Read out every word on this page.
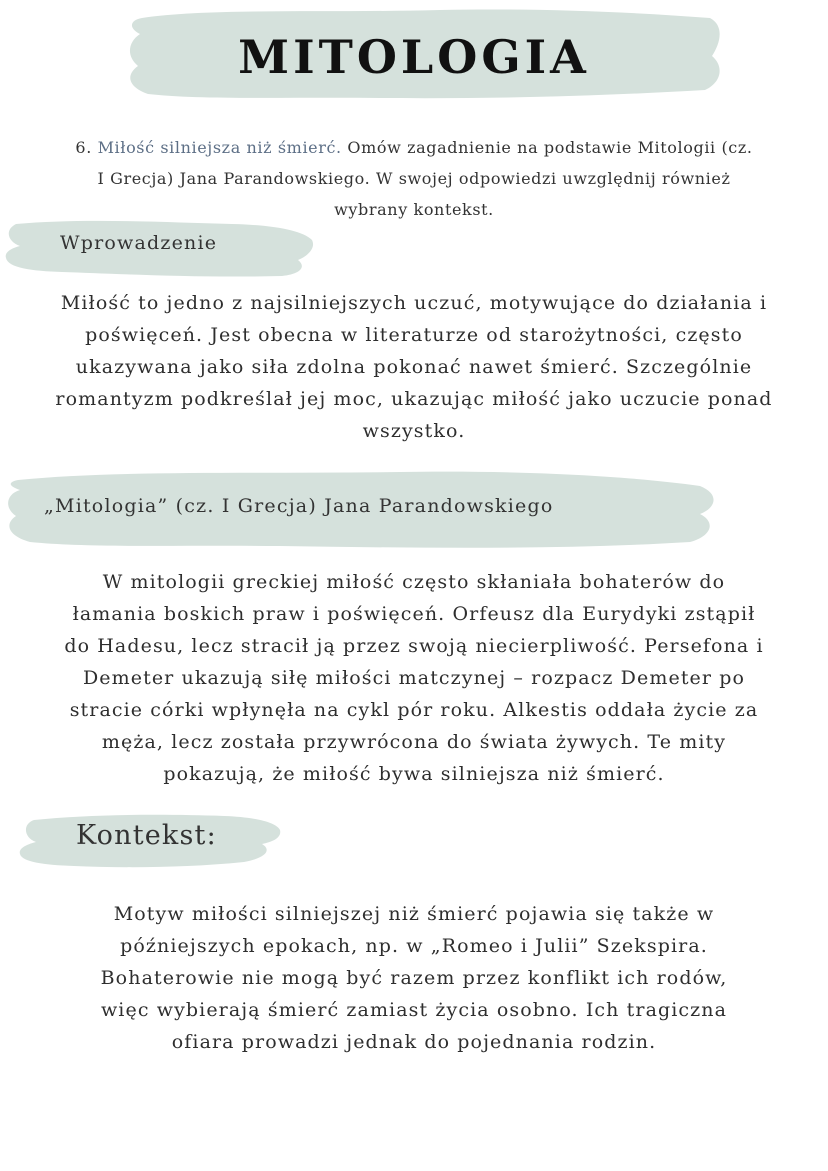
MITOLOGIA
6. Miłość silniejsza niż śmierć. Omów zagadnienie na podstawie Mitologii (cz.
I Grecja) Jana Parandowskiego. W swojej odpowiedzi uwzględnij również
wybrany kontekst.
Wprowadzenie
Miłość to jedno z najsilniejszych uczuć, motywujące do działania i
poświęceń. Jest obecna w literaturze od starożytności, często
ukazywana jako siła zdolna pokonać nawet śmierć. Szczególnie
romantyzm podkreślał jej moc, ukazując miłość jako uczucie ponad
wszystko.
„Mitologia” (cz. I Grecja) Jana Parandowskiego
W mitologii greckiej miłość często skłaniała bohaterów do
łamania boskich praw i poświęceń. Orfeusz dla Eurydyki zstąpił
do Hadesu, lecz stracił ją przez swoją niecierpliwość. Persefona i
Demeter ukazują siłę miłości matczynej – rozpacz Demeter po
stracie córki wpłynęła na cykl pór roku. Alkestis oddała życie za
męża, lecz została przywrócona do świata żywych. Te mity
pokazują, że miłość bywa silniejsza niż śmierć.
Kontekst:
Motyw miłości silniejszej niż śmierć pojawia się także w
późniejszych epokach, np. w „Romeo i Julii” Szekspira.
Bohaterowie nie mogą być razem przez konflikt ich rodów,
więc wybierają śmierć zamiast życia osobno. Ich tragiczna
ofiara prowadzi jednak do pojednania rodzin.
